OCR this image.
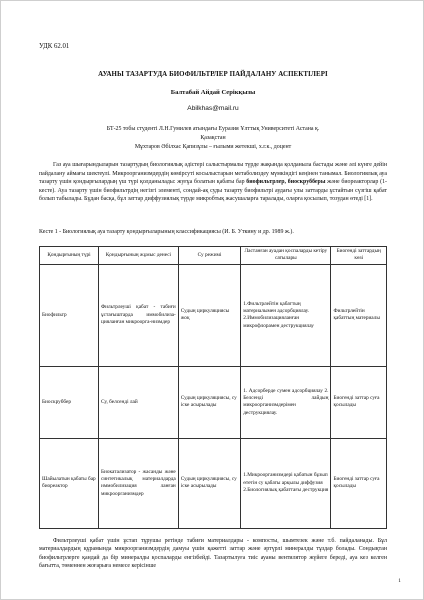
УДК 62.01
АУАНЫ ТАЗАРТУДА БИОФИЛЬТРЛЕР ПАЙДАЛАНУ АСПЕКТІЛЕРІ
Балтабай Айдай Серікқызы
Abilkhas@mail.ru
БТ-25 тобы студенті Л.Н.Гумилев атындағы Еуразия Ұлттық Университеті Астана қ.
Қазақстан
Мұхтаров Әбілхас Қапизұлы – ғылыми жетекші, х.г.к., доцент

Газ ауа шығарындыларын тазартудың биологиялық әдістері салыстырмалы түрде жақында қолданыла бастады және әлі күнге дейін пайдалану аймағы шектеулі. Микроорганизмдердің көмірсуті косылыстарын метаболиздеу мүмкіндігі кеңінен танымал. Биологиялық ауа тазарту үшін қондырғылардың үш түрі қолданылады: жуғұа болатын қабаты бар биофильтрлер, биоскрубберы және биореакторлар (1-кесте). Ауа тазарту үшін биофильтрдің негізгі элементі, сондай-ақ суды тазарту биофильтрі аудағы улы заттарды ұстайтын сүзгіш қабат болып табылады. Бұдан басқа, бұл заттар диффузиялық түрде микробтық жасушаларға таралады, оларға қосылып, тозудан өтеді [1].

Кесте 1 - Биологиялық ауа тазарту қондырғыларының классификациясы (И. Б. Уткину и др. 1989 ж.).
Қондырғының түрі	Қондырғының жұмыс денесі	Су режимі	Ластанған ауадан қоспаларды кетіру сатылары	Биогенді заттардың көзі
Биофильтр	Фильтрлеуші қабат - табиғи ұстағыштарда иммобилиза-цияланған микроорга-низмдер	Судың циркуляциясы жоқ	1.Фильтрлейтін қабаттың материалымен адсорбциялау. 2.Иммобилизацияланған микрофлорамен деструкциялау	Фильтрлейтін қабаттың материалы
Биоскруббер	Су, белсенді лай	Судың циркуляциясы, су іске асырылады	1. Адсорберде сумен адсорбциялау 2. Белсенді лайдың микроорганизмдерімен деструкциялау.	Биогенді заттар суға қосылады
Шайылатын қабаты бар биореактор	Биокатализатор - жасанды және синтетикалық материалдарда иммобилизация ланған микроорганизмдер	Судың циркуляциясы, су іске асырылады	1.Микроорганизмдері қабатын бұзып өтетін су қабаты арқылы диффузия 2.Биологиялық қабаттағы деструкция	Биогенді заттар суға қосылады

Фильтрлеуші қабат үшін ұстап тұрушы ретінде табиғи материалдары - компосты, шымтезек және т.б. пайдаланады. Бұл материалдардың құрамында микроорганизмдердің дамуы үшін қажетті заттар және әртүрлі минералды тұздар болады. Сондықтан биофильтрлерге қандай да бір минералды қоспаларды енгізбейді. Тазартылуға тиіс ауаны вентилятор жүйеге береді, ауа кез келген бағытта, төменнен жоғарыға немесе керісінше

1
